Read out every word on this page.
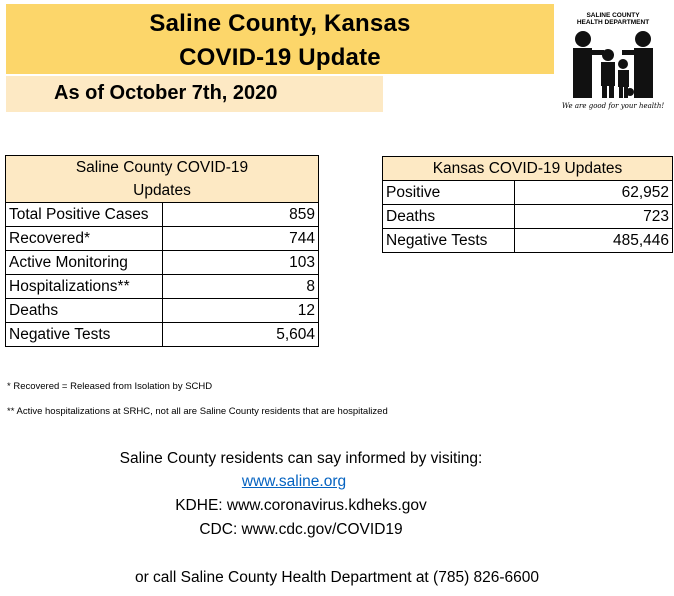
Saline County, Kansas
COVID-19 Update
As of October 7th, 2020
SALINE COUNTY
HEALTH DEPARTMENT
We are good for your health!
Saline County COVID-19
Updates	
Total Positive Cases	859
Recovered*	744
Active Monitoring	103
Hospitalizations**	8
Deaths	12
Negative Tests	5,604
Kansas COVID-19 Updates	
Positive	62,952
Deaths	723
Negative Tests	485,446
* Recovered = Released from Isolation by SCHD
** Active hospitalizations at SRHC, not all are Saline County residents that are hospitalized
Saline County residents can say informed by visiting:
www.saline.org
KDHE: www.coronavirus.kdheks.gov
CDC: www.cdc.gov/COVID19
or call Saline County Health Department at (785) 826-6600
